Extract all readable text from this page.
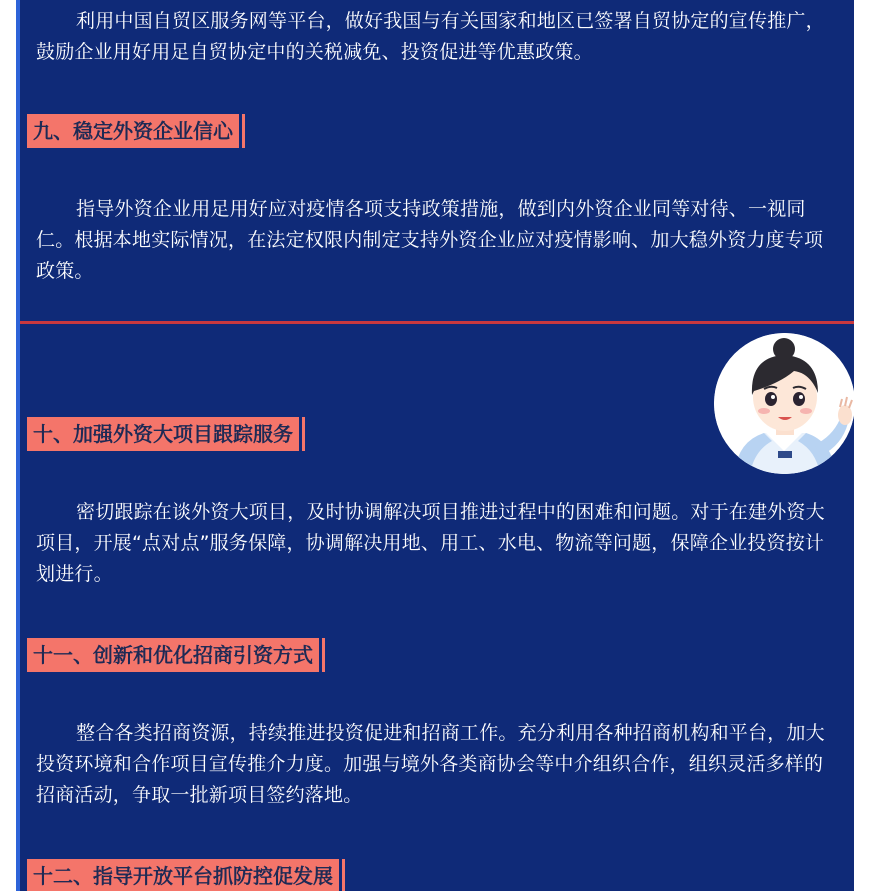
利用中国自贸区服务网等平台，做好我国与有关国家和地区已签署自贸协定的宣传推广，鼓励企业用好用足自贸协定中的关税减免、投资促进等优惠政策。

九、稳定外资企业信心

指导外资企业用足用好应对疫情各项支持政策措施，做到内外资企业同等对待、一视同仁。根据本地实际情况，在法定权限内制定支持外资企业应对疫情影响、加大稳外资力度专项政策。

十、加强外资大项目跟踪服务

密切跟踪在谈外资大项目，及时协调解决项目推进过程中的困难和问题。对于在建外资大项目，开展“点对点”服务保障，协调解决用地、用工、水电、物流等问题，保障企业投资按计划进行。

十一、创新和优化招商引资方式

整合各类招商资源，持续推进投资促进和招商工作。充分利用各种招商机构和平台，加大投资环境和合作项目宣传推介力度。加强与境外各类商协会等中介组织合作，组织灵活多样的招商活动，争取一批新项目签约落地。

十二、指导开放平台抓防控促发展
